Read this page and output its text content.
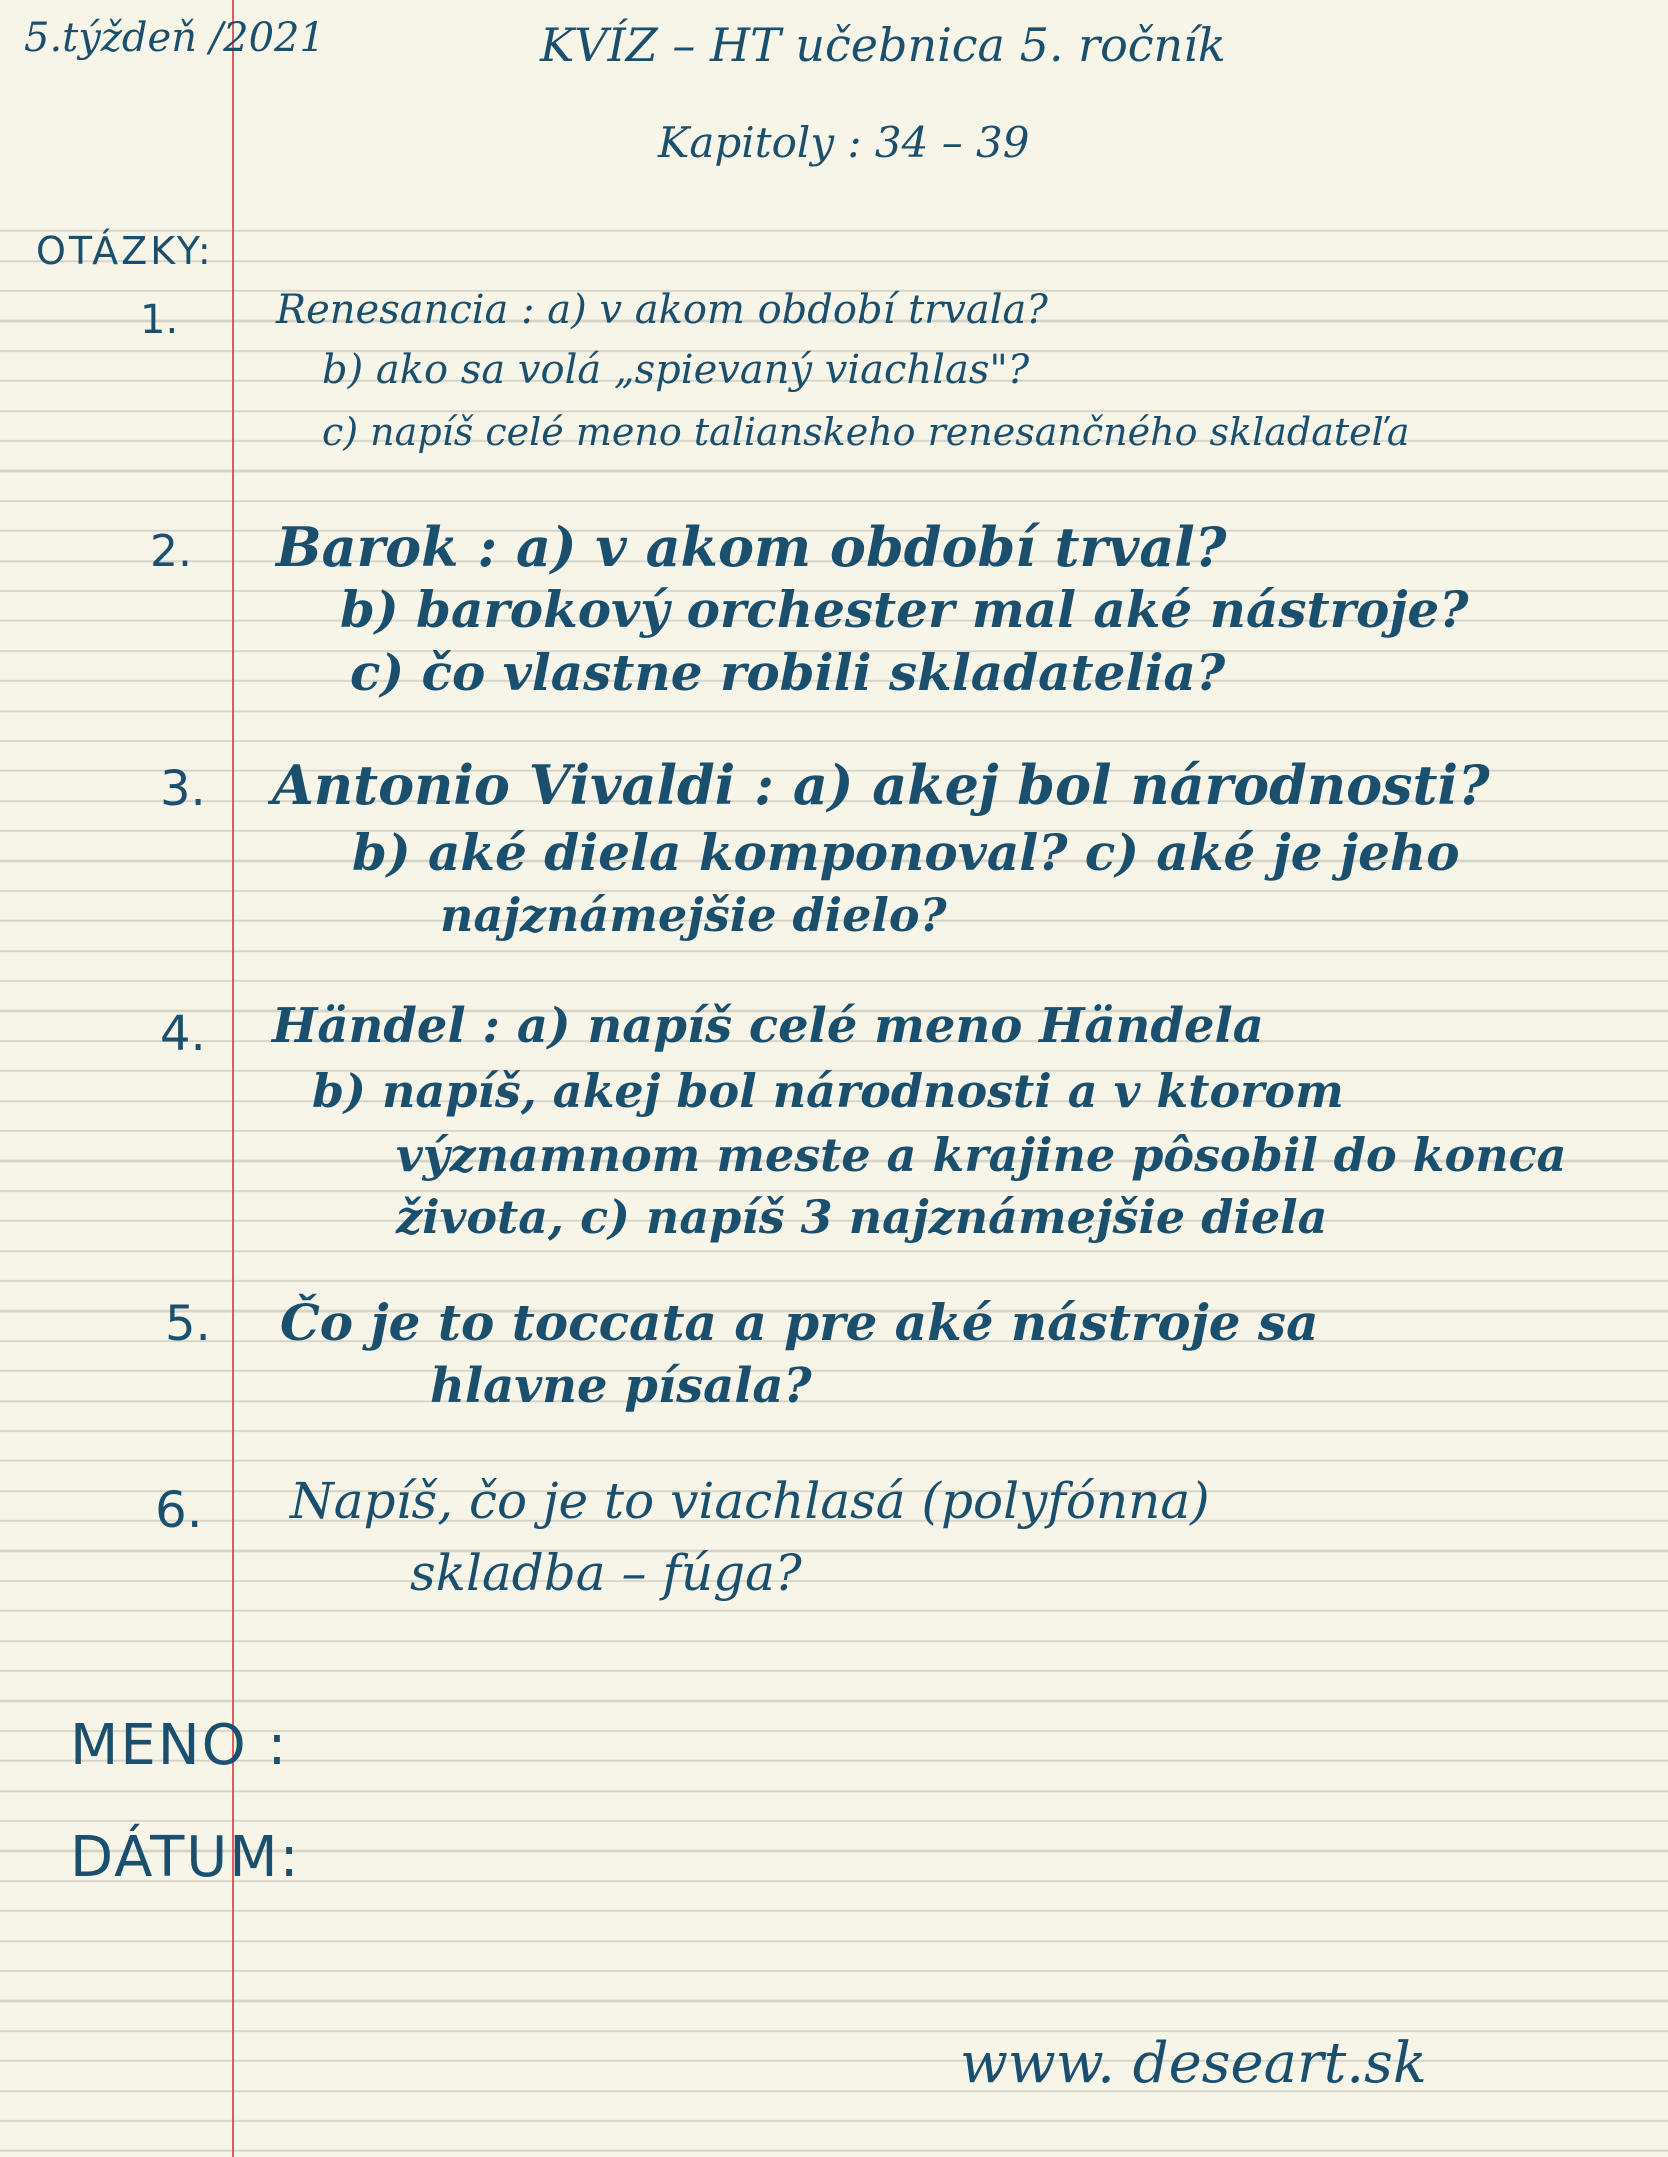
5.týždeň /2021	KVÍZ – HT učebnica 5. ročník
Kapitoly : 34 – 39
OTÁZKY:
1. Renesancia : a) v akom období trvala?
b) ako sa volá „spievaný viachlas"?
c) napíš celé meno talianskeho renesančného skladateľa
2. Barok : a) v akom období trval?
b) barokový orchester mal aké nástroje?
c) čo vlastne robili skladatelia?
3. Antonio Vivaldi : a) akej bol národnosti?
b) aké diela komponoval? c) aké je jeho
najznámejšie dielo?
4. Händel : a) napíš celé meno Händela
b) napíš, akej bol národnosti a v ktorom
významnom meste a krajine pôsobil do konca
života, c) napíš 3 najznámejšie diela
5. Čo je to toccata a pre aké nástroje sa
hlavne písala?
6. Napíš, čo je to viachlasá (polyfónna)
skladba – fúga?
MENO :
DÁTUM:
www. deseart.sk
